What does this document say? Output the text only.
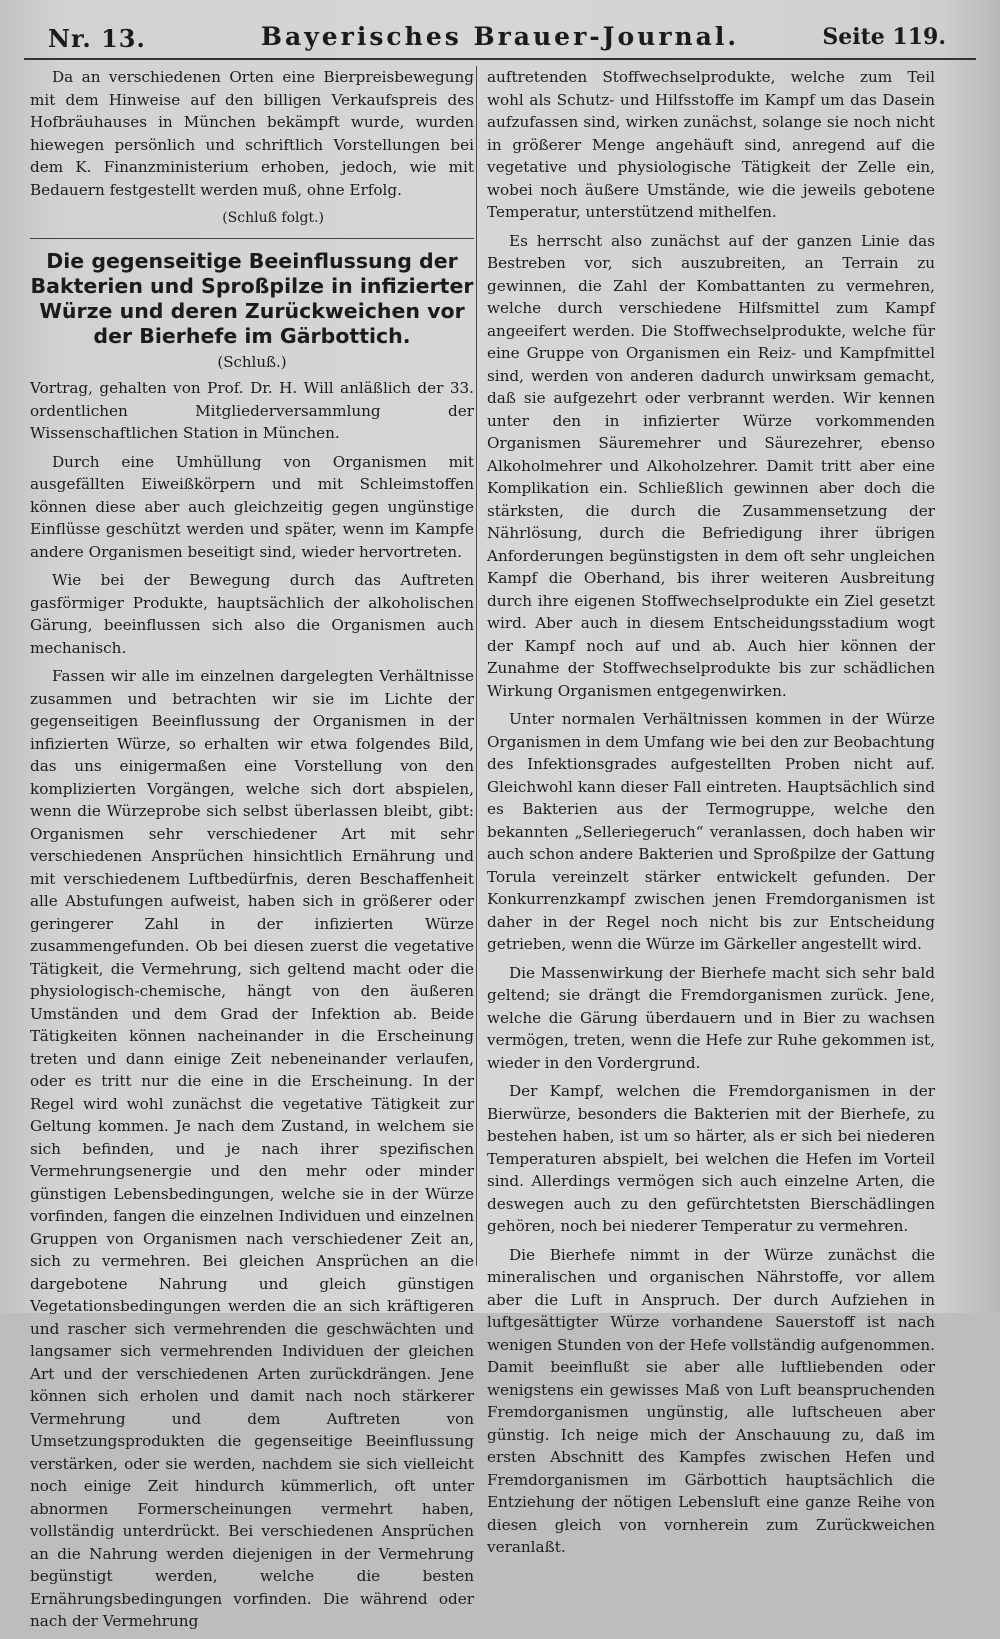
Nr. 13.	Bayerisches Brauer-Journal.	Seite 119.

Da an verschiedenen Orten eine Bierpreisbewegung mit dem Hinweise auf den billigen Verkaufspreis des Hofbräuhauses in München bekämpft wurde, wurden hiewegen persönlich und schriftlich Vorstellungen bei dem K. Finanzministerium erhoben, jedoch, wie mit Bedauern festgestellt werden muß, ohne Erfolg.

(Schluß folgt.)
Die gegenseitige Beeinflussung der Bakterien und Sproßpilze in infizierter Würze und deren Zurückweichen vor der Bierhefe im Gärbottich.
(Schluß.)
Vortrag, gehalten von Prof. Dr. H. Will anläßlich der 33. ordentlichen Mitgliederversammlung der Wissenschaftlichen Station in München.

Durch eine Umhüllung von Organismen mit ausgefällten Eiweißkörpern und mit Schleimstoffen können diese aber auch gleichzeitig gegen ungünstige Einflüsse geschützt werden und später, wenn im Kampfe andere Organismen beseitigt sind, wieder hervortreten.

Wie bei der Bewegung durch das Auftreten gasförmiger Produkte, hauptsächlich der alkoholischen Gärung, beeinflussen sich also die Organismen auch mechanisch.

Fassen wir alle im einzelnen dargelegten Verhältnisse zusammen und betrachten wir sie im Lichte der gegenseitigen Beeinflussung der Organismen in der infizierten Würze, so erhalten wir etwa folgendes Bild, das uns einigermaßen eine Vorstellung von den komplizierten Vorgängen, welche sich dort abspielen, wenn die Würzeprobe sich selbst überlassen bleibt, gibt: Organismen sehr verschiedener Art mit sehr verschiedenen Ansprüchen hinsichtlich Ernährung und mit verschiedenem Luftbedürfnis, deren Beschaffenheit alle Abstufungen aufweist, haben sich in größerer oder geringerer Zahl in der infizierten Würze zusammengefunden. Ob bei diesen zuerst die vegetative Tätigkeit, die Vermehrung, sich geltend macht oder die physiologisch-chemische, hängt von den äußeren Umständen und dem Grad der Infektion ab. Beide Tätigkeiten können nacheinander in die Erscheinung treten und dann einige Zeit nebeneinander verlaufen, oder es tritt nur die eine in die Erscheinung. In der Regel wird wohl zunächst die vegetative Tätigkeit zur Geltung kommen. Je nach dem Zustand, in welchem sie sich befinden, und je nach ihrer spezifischen Vermehrungsenergie und den mehr oder minder günstigen Lebensbedingungen, welche sie in der Würze vorfinden, fangen die einzelnen Individuen und einzelnen Gruppen von Organismen nach verschiedener Zeit an, sich zu vermehren. Bei gleichen Ansprüchen an die dargebotene Nahrung und gleich günstigen Vegetationsbedingungen werden die an sich kräftigeren und rascher sich vermehrenden die geschwächten und langsamer sich vermehrenden Individuen der gleichen Art und der verschiedenen Arten zurückdrängen. Jene können sich erholen und damit nach noch stärkerer Vermehrung und dem Auftreten von Umsetzungsprodukten die gegenseitige Beeinflussung verstärken, oder sie werden, nachdem sie sich vielleicht noch einige Zeit hindurch kümmerlich, oft unter abnormen Formerscheinungen vermehrt haben, vollständig unterdrückt. Bei verschiedenen Ansprüchen an die Nahrung werden diejenigen in der Vermehrung begünstigt werden, welche die besten Ernährungsbedingungen vorfinden. Die während oder nach der Vermehrung

auftretenden Stoffwechselprodukte, welche zum Teil wohl als Schutz- und Hilfsstoffe im Kampf um das Dasein aufzufassen sind, wirken zunächst, solange sie noch nicht in größerer Menge angehäuft sind, anregend auf die vegetative und physiologische Tätigkeit der Zelle ein, wobei noch äußere Umstände, wie die jeweils gebotene Temperatur, unterstützend mithelfen.

Es herrscht also zunächst auf der ganzen Linie das Bestreben vor, sich auszubreiten, an Terrain zu gewinnen, die Zahl der Kombattanten zu vermehren, welche durch verschiedene Hilfsmittel zum Kampf angeeifert werden. Die Stoffwechselprodukte, welche für eine Gruppe von Organismen ein Reiz- und Kampfmittel sind, werden von anderen dadurch unwirksam gemacht, daß sie aufgezehrt oder verbrannt werden. Wir kennen unter den in infizierter Würze vorkommenden Organismen Säuremehrer und Säurezehrer, ebenso Alkoholmehrer und Alkoholzehrer. Damit tritt aber eine Komplikation ein. Schließlich gewinnen aber doch die stärksten, die durch die Zusammensetzung der Nährlösung, durch die Befriedigung ihrer übrigen Anforderungen begünstigsten in dem oft sehr ungleichen Kampf die Oberhand, bis ihrer weiteren Ausbreitung durch ihre eigenen Stoffwechselprodukte ein Ziel gesetzt wird. Aber auch in diesem Entscheidungsstadium wogt der Kampf noch auf und ab. Auch hier können der Zunahme der Stoffwechselprodukte bis zur schädlichen Wirkung Organismen entgegenwirken.

Unter normalen Verhältnissen kommen in der Würze Organismen in dem Umfang wie bei den zur Beobachtung des Infektionsgrades aufgestellten Proben nicht auf. Gleichwohl kann dieser Fall eintreten. Hauptsächlich sind es Bakterien aus der Termogruppe, welche den bekannten „Selleriegeruch“ veranlassen, doch haben wir auch schon andere Bakterien und Sproßpilze der Gattung Torula vereinzelt stärker entwickelt gefunden. Der Konkurrenzkampf zwischen jenen Fremdorganismen ist daher in der Regel noch nicht bis zur Entscheidung getrieben, wenn die Würze im Gärkeller angestellt wird.

Die Massenwirkung der Bierhefe macht sich sehr bald geltend; sie drängt die Fremdorganismen zurück. Jene, welche die Gärung überdauern und in Bier zu wachsen vermögen, treten, wenn die Hefe zur Ruhe gekommen ist, wieder in den Vordergrund.

Der Kampf, welchen die Fremdorganismen in der Bierwürze, besonders die Bakterien mit der Bierhefe, zu bestehen haben, ist um so härter, als er sich bei niederen Temperaturen abspielt, bei welchen die Hefen im Vorteil sind. Allerdings vermögen sich auch einzelne Arten, die deswegen auch zu den gefürchtetsten Bierschädlingen gehören, noch bei niederer Temperatur zu vermehren.

Die Bierhefe nimmt in der Würze zunächst die mineralischen und organischen Nährstoffe, vor allem aber die Luft in Anspruch. Der durch Aufziehen in luftgesättigter Würze vorhandene Sauerstoff ist nach wenigen Stunden von der Hefe vollständig aufgenommen. Damit beeinflußt sie aber alle luftliebenden oder wenigstens ein gewisses Maß von Luft beanspruchenden Fremdorganismen ungünstig, alle luftscheuen aber günstig. Ich neige mich der Anschauung zu, daß im ersten Abschnitt des Kampfes zwischen Hefen und Fremdorganismen im Gärbottich hauptsächlich die Entziehung der nötigen Lebensluft eine ganze Reihe von diesen gleich von vornherein zum Zurückweichen veranlaßt.
